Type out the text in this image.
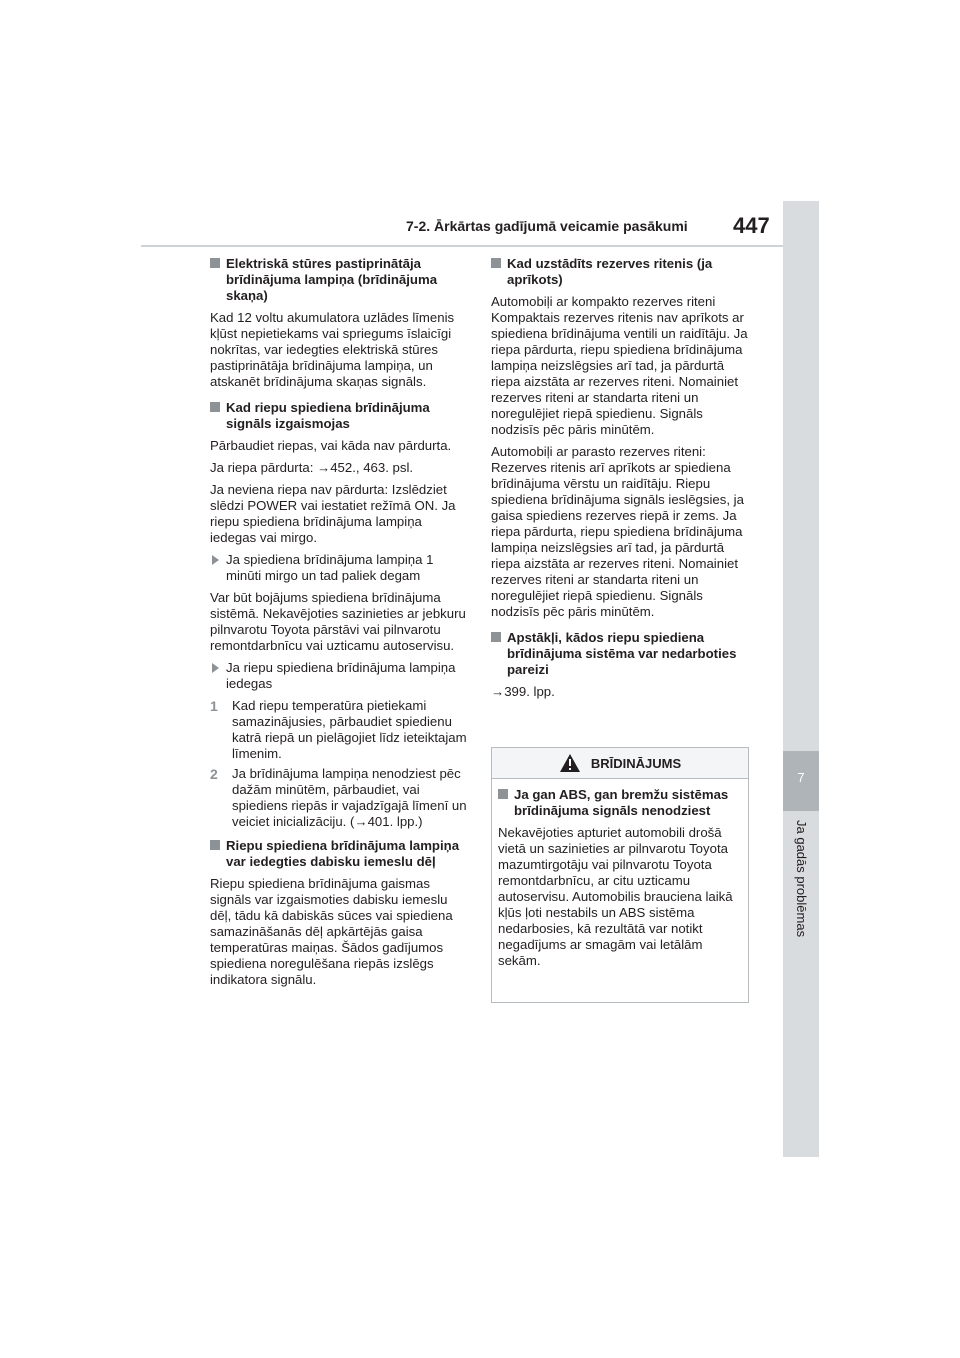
7
Ja gadās problēmas
7-2. Ārkārtas gadījumā veicamie pasākumi 447
Elektriskā stūres pastiprinātāja brīdinājuma lampiņa (brīdinājuma skaņa)

Kad 12 voltu akumulatora uzlādes līmenis kļūst nepietiekams vai spriegums īslaicīgi nokrītas, var iedegties elektriskā stūres pastiprinātāja brīdinājuma lampiņa, un atskanēt brīdinājuma skaņas signāls.

Kad riepu spiediena brīdinājuma signāls izgaismojas

Pārbaudiet riepas, vai kāda nav pārdurta.

Ja riepa pārdurta: →452., 463. psl.

Ja neviena riepa nav pārdurta: Izslēdziet slēdzi POWER vai iestatiet režīmā ON. Ja riepu spiediena brīdinājuma lampiņa iedegas vai mirgo.

Ja spiediena brīdinājuma lampiņa 1 minūti mirgo un tad paliek degam

Var būt bojājums spiediena brīdinājuma sistēmā. Nekavējoties sazinieties ar jebkuru pilnvarotu Toyota pārstāvi vai pilnvarotu remontdarbnīcu vai uzticamu autoservisu.

Ja riepu spiediena brīdinājuma lampiņa iedegas
1 Kad riepu temperatūra pietiekami samazinājusies, pārbaudiet spiedienu katrā riepā un pielāgojiet līdz ieteiktajam līmenim.
2 Ja brīdinājuma lampiņa nenodziest pēc dažām minūtēm, pārbaudiet, vai spiediens riepās ir vajadzīgajā līmenī un veiciet inicializāciju. (→401. lpp.)
Riepu spiediena brīdinājuma lampiņa var iedegties dabisku iemeslu dēļ

Riepu spiediena brīdinājuma gaismas signāls var izgaismoties dabisku iemeslu dēļ, tādu kā dabiskās sūces vai spiediena samazināšanās dēļ apkārtējās gaisa temperatūras maiņas. Šādos gadījumos spiediena noregulēšana riepās izslēgs indikatora signālu.

Kad uzstādīts rezerves ritenis (ja aprīkots)

Automobiļi ar kompakto rezerves riteni Kompaktais rezerves ritenis nav aprīkots ar spiediena brīdinājuma ventili un raidītāju. Ja riepa pārdurta, riepu spiediena brīdinājuma lampiņa neizslēgsies arī tad, ja pārdurtā riepa aizstāta ar rezerves riteni. Nomainiet rezerves riteni ar standarta riteni un noregulējiet riepā spiedienu. Signāls nodzisīs pēc pāris minūtēm.

Automobiļi ar parasto rezerves riteni: Rezerves ritenis arī aprīkots ar spiediena brīdinājuma vērstu un raidītāju. Riepu spiediena brīdinājuma signāls ieslēgsies, ja gaisa spiediens rezerves riepā ir zems. Ja riepa pārdurta, riepu spiediena brīdinājuma lampiņa neizslēgsies arī tad, ja pārdurtā riepa aizstāta ar rezerves riteni. Nomainiet rezerves riteni ar standarta riteni un noregulējiet riepā spiedienu. Signāls nodzisīs pēc pāris minūtēm.

Apstākļi, kādos riepu spiediena brīdinājuma sistēma var nedarboties pareizi

→399. lpp.

BRĪDINĀJUMS
Ja gan ABS, gan bremžu sistēmas brīdinājuma signāls nenodziest

Nekavējoties apturiet automobili drošā vietā un sazinieties ar pilnvarotu Toyota mazumtirgotāju vai pilnvarotu Toyota remontdarbnīcu, ar citu uzticamu autoservisu. Automobilis brauciena laikā kļūs ļoti nestabils un ABS sistēma nedarbosies, kā rezultātā var notikt negadījums ar smagām vai letālām sekām.
